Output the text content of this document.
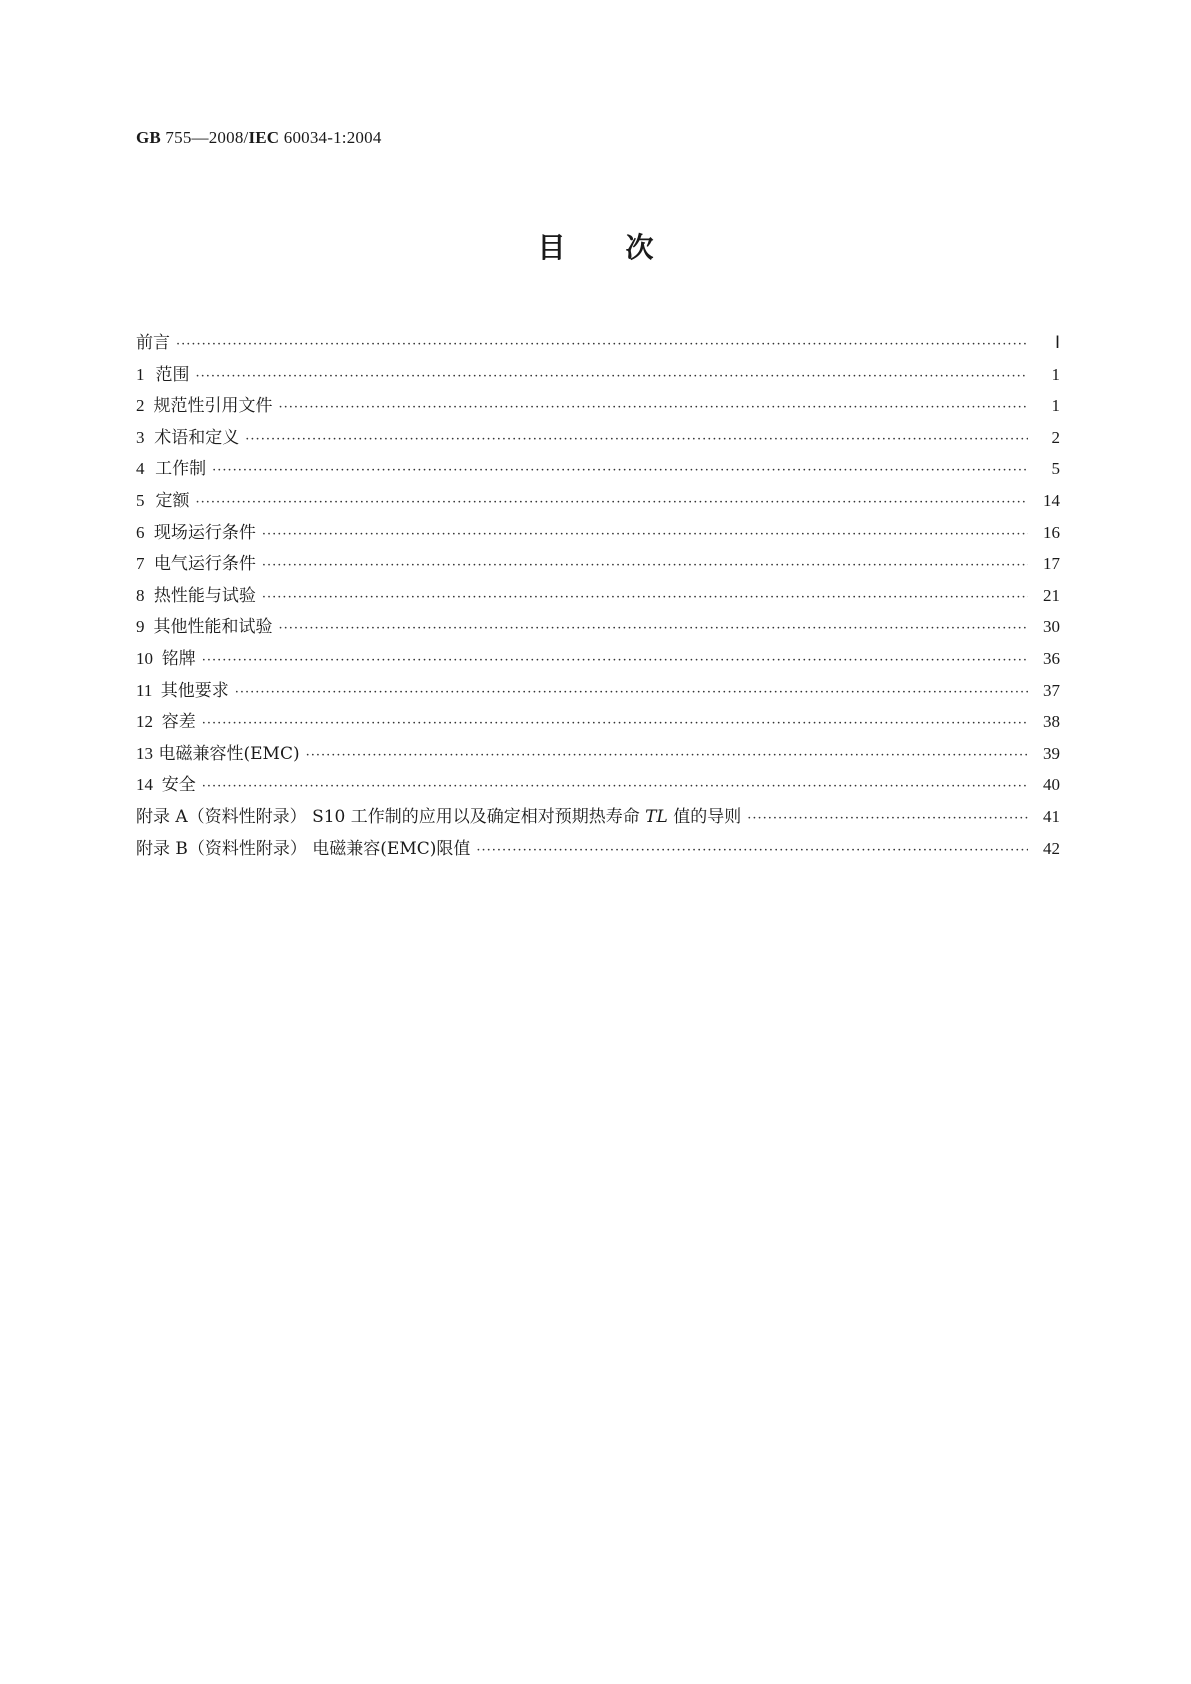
GB 755—2008/IEC 60034-1:2004
目次
前言 ·····	Ⅰ
1 范围 ·····	1
2 规范性引用文件 ·····	1
3 术语和定义 ·····	2
4 工作制 ·····	5
5 定额 ·····	14
6 现场运行条件 ·····	16
7 电气运行条件 ·····	17
8 热性能与试验 ·····	21
9 其他性能和试验 ·····	30
10 铭牌 ·····	36
11 其他要求 ·····	37
12 容差 ·····	38
13 电磁兼容性(EMC) ·····	39
14 安全 ·····	40
附录 A（资料性附录） S10 工作制的应用以及确定相对预期热寿命 TL 值的导则 ·····	41
附录 B（资料性附录） 电磁兼容(EMC)限值 ·····	42
